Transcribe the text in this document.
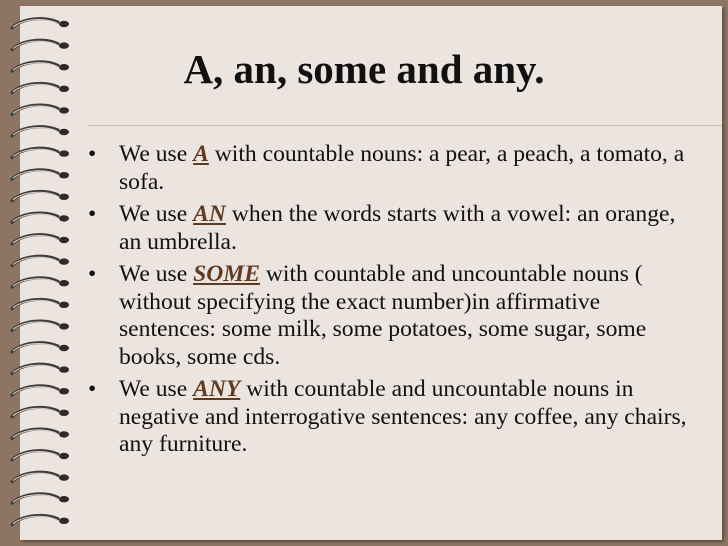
A, an, some and any.
• We use A with countable nouns: a pear, a peach, a tomato, a sofa.
• We use AN when the words starts with a vowel: an orange, an umbrella.
• We use SOME with countable and uncountable nouns ( without specifying the exact number)in affirmative sentences: some milk, some potatoes, some sugar, some books, some cds.
• We use ANY with countable and uncountable nouns in negative and interrogative sentences: any coffee, any chairs, any furniture.
